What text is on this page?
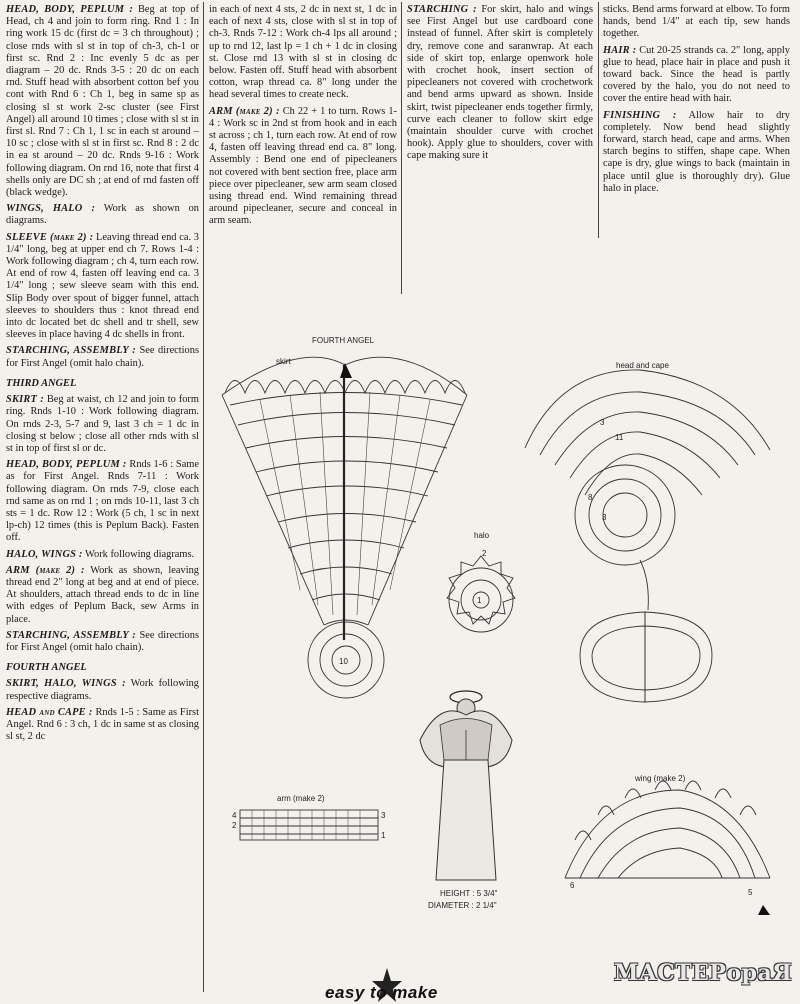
HEAD, BODY, PEPLUM : Beg at top of Head, ch 4 and join to form ring. Rnd 1 : In ring work 15 dc (first dc = 3 ch throughout) ; close rnds with sl st in top of ch-3, ch-1 or first sc. Rnd 2 : Inc evenly 5 dc as per diagram – 20 dc. Rnds 3-5 : 20 dc on each rnd. Stuff head with absorbent cotton bef you cont with Rnd 6 : Ch 1, beg in same sp as closing sl st work 2-sc cluster (see First Angel) all around 10 times ; close with sl st in first sl. Rnd 7 : Ch 1, 1 sc in each st around – 10 sc ; close with sl st in first sc. Rnd 8 : 2 dc in ea st around – 20 dc. Rnds 9-16 : Work following diagram. On rnd 16, note that first 4 shells only are DC sh ; at end of rnd fasten off (black wedge).

WINGS, HALO : Work as shown on diagrams.

SLEEVE (make 2) : Leaving thread end ca. 3 1/4" long, beg at upper end ch 7. Rows 1-4 : Work following diagram ; ch 4, turn each row. At end of row 4, fasten off leaving end ca. 3 1/4" long ; sew sleeve seam with this end. Slip Body over spout of bigger funnel, attach sleeves to shoulders thus : knot thread end into dc located bet dc shell and tr shell, sew sleeves in place having 4 dc shells in front.

STARCHING, ASSEMBLY : See directions for First Angel (omit halo chain).

THIRD ANGEL

SKIRT : Beg at waist, ch 12 and join to form ring. Rnds 1-10 : Work following diagram. On rnds 2-3, 5-7 and 9, last 3 ch = 1 dc in closing st below ; close all other rnds with sl st in top of first sl or dc.

HEAD, BODY, PEPLUM : Rnds 1-6 : Same as for First Angel. Rnds 7-11 : Work following diagram. On rnds 7-9, close each rnd same as on rnd 1 ; on rnds 10-11, last 3 ch sts = 1 dc. Row 12 : Work (5 ch, 1 sc in next lp-ch) 12 times (this is Peplum Back). Fasten off.

HALO, WINGS : Work following diagrams.

ARM (make 2) : Work as shown, leaving thread end 2" long at beg and at end of piece. At shoulders, attach thread ends to dc in line with edges of Peplum Back, sew Arms in place.

STARCHING, ASSEMBLY : See directions for First Angel (omit halo chain).

FOURTH ANGEL

SKIRT, HALO, WINGS : Work following respective diagrams.

HEAD and CAPE : Rnds 1-5 : Same as First Angel. Rnd 6 : 3 ch, 1 dc in same st as closing sl st, 2 dc

in each of next 4 sts, 2 dc in next st, 1 dc in each of next 4 sts, close with sl st in top of ch-3. Rnds 7-12 : Work ch-4 lps all around ; up to rnd 12, last lp = 1 ch + 1 dc in closing st. Close rnd 13 with sl st in closing dc below. Fasten off. Stuff head with absorbent cotton, wrap thread ca. 8" long under the head several times to create neck.

ARM (make 2) : Ch 22 + 1 to turn. Rows 1-4 : Work sc in 2nd st from hook and in each st across ; ch 1, turn each row. At end of row 4, fasten off leaving thread end ca. 8" long. Assembly : Bend one end of pipecleaners not covered with bent section free, place arm piece over pipecleaner, sew arm seam closed using thread end. Wind remaining thread around pipecleaner, secure and conceal in arm seam.

STARCHING : For skirt, halo and wings see First Angel but use cardboard cone instead of funnel. After skirt is completely dry, remove cone and saranwrap. At each side of skirt top, enlarge openwork hole with crochet hook, insert section of pipecleaners not covered with crochetwork and bend arms upward as shown. Inside skirt, twist pipecleaner ends together firmly, curve each cleaner to follow skirt edge (maintain shoulder curve with crochet hook). Apply glue to shoulders, cover with cape making sure it

sticks. Bend arms forward at elbow. To form hands, bend 1/4" at each tip, sew hands together.

HAIR : Cut 20-25 strands ca. 2" long, apply glue to head, place hair in place and push it toward back. Since the head is partly covered by the halo, you do not need to cover the entire head with hair.

FINISHING : Allow hair to dry completely. Now bend head slightly forward, starch head, cape and arms. When starch begins to stiffen, shape cape. When cape is dry, glue wings to back (maintain in place until glue is thoroughly dry). Glue halo in place.

FOURTH ANGEL
skirt
10
halo
2
1
head and cape
3
11
8
3
HEIGHT : 5 3/4"
DIAMETER : 2 1/4"
arm (make 2)
4
2
3
1
wing (make 2)
6
5
easy to make
МАСТЕРораЯ
